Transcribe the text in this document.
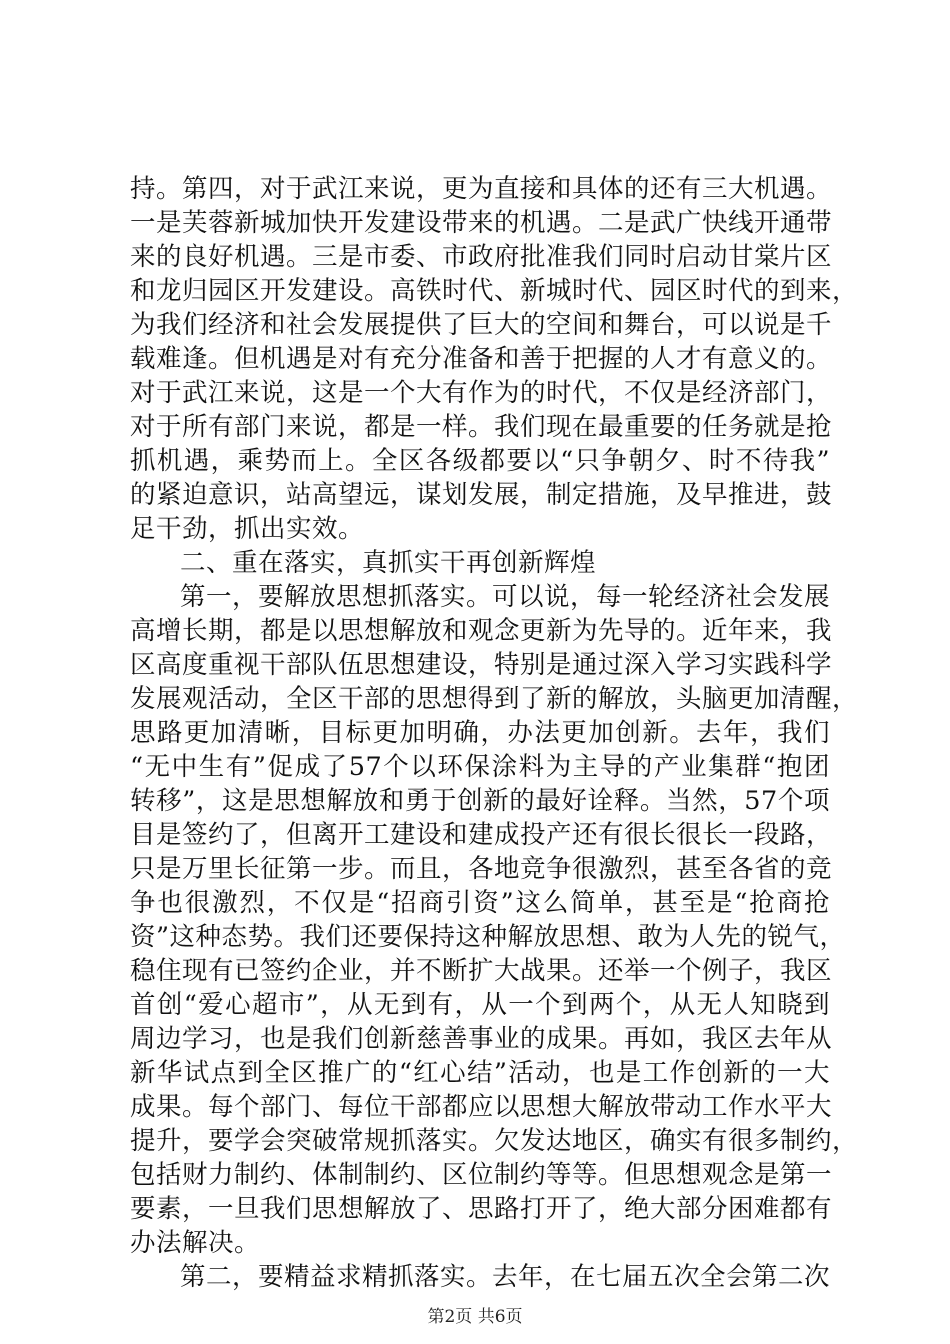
持。第四，对于武江来说，更为直接和具体的还有三大机遇。
一是芙蓉新城加快开发建设带来的机遇。二是武广快线开通带
来的良好机遇。三是市委、市政府批准我们同时启动甘棠片区
和龙归园区开发建设。高铁时代、新城时代、园区时代的到来，
为我们经济和社会发展提供了巨大的空间和舞台，可以说是千
载难逢。但机遇是对有充分准备和善于把握的人才有意义的。
对于武江来说，这是一个大有作为的时代，不仅是经济部门，
对于所有部门来说，都是一样。我们现在最重要的任务就是抢
抓机遇，乘势而上。全区各级都要以“只争朝夕、时不待我”
的紧迫意识，站高望远，谋划发展，制定措施，及早推进，鼓
足干劲，抓出实效。
二、重在落实，真抓实干再创新辉煌
第一，要解放思想抓落实。可以说，每一轮经济社会发展
高增长期，都是以思想解放和观念更新为先导的。近年来，我
区高度重视干部队伍思想建设，特别是通过深入学习实践科学
发展观活动，全区干部的思想得到了新的解放，头脑更加清醒，
思路更加清晰，目标更加明确，办法更加创新。去年，我们
“无中生有”促成了57个以环保涂料为主导的产业集群“抱团
转移”，这是思想解放和勇于创新的最好诠释。当然，57个项
目是签约了，但离开工建设和建成投产还有很长很长一段路，
只是万里长征第一步。而且，各地竞争很激烈，甚至各省的竞
争也很激烈，不仅是“招商引资”这么简单，甚至是“抢商抢
资”这种态势。我们还要保持这种解放思想、敢为人先的锐气，
稳住现有已签约企业，并不断扩大战果。还举一个例子，我区
首创“爱心超市”，从无到有，从一个到两个，从无人知晓到
周边学习，也是我们创新慈善事业的成果。再如，我区去年从
新华试点到全区推广的“红心结”活动，也是工作创新的一大
成果。每个部门、每位干部都应以思想大解放带动工作水平大
提升，要学会突破常规抓落实。欠发达地区，确实有很多制约，
包括财力制约、体制制约、区位制约等等。但思想观念是第一
要素，一旦我们思想解放了、思路打开了，绝大部分困难都有
办法解决。
第二，要精益求精抓落实。去年，在七届五次全会第二次
第2页 共6页
